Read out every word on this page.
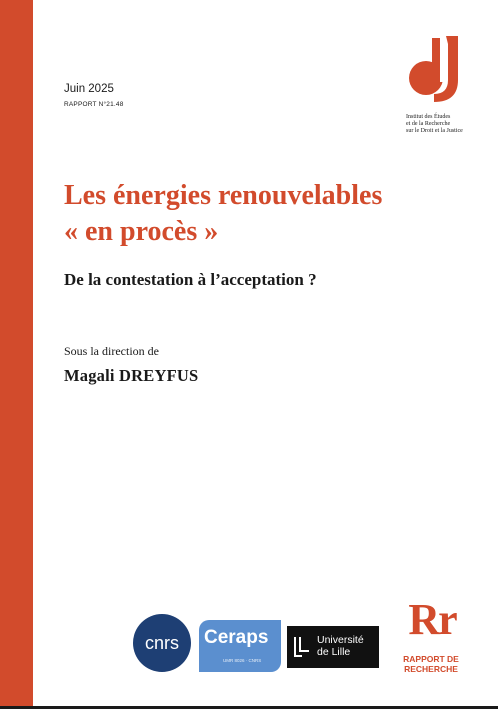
Juin 2025
RAPPORT N°21.48
Institut des Études
et de la Recherche
sur le Droit et la Justice
Les énergies renouvelables
« en procès »
De la contestation à l’acceptation ?
Sous la direction de
Magali DREYFUS
cnrs Ceraps
UMR 8026 · CNRS
Université
de Lille
Rr
RAPPORT DE
RECHERCHE
